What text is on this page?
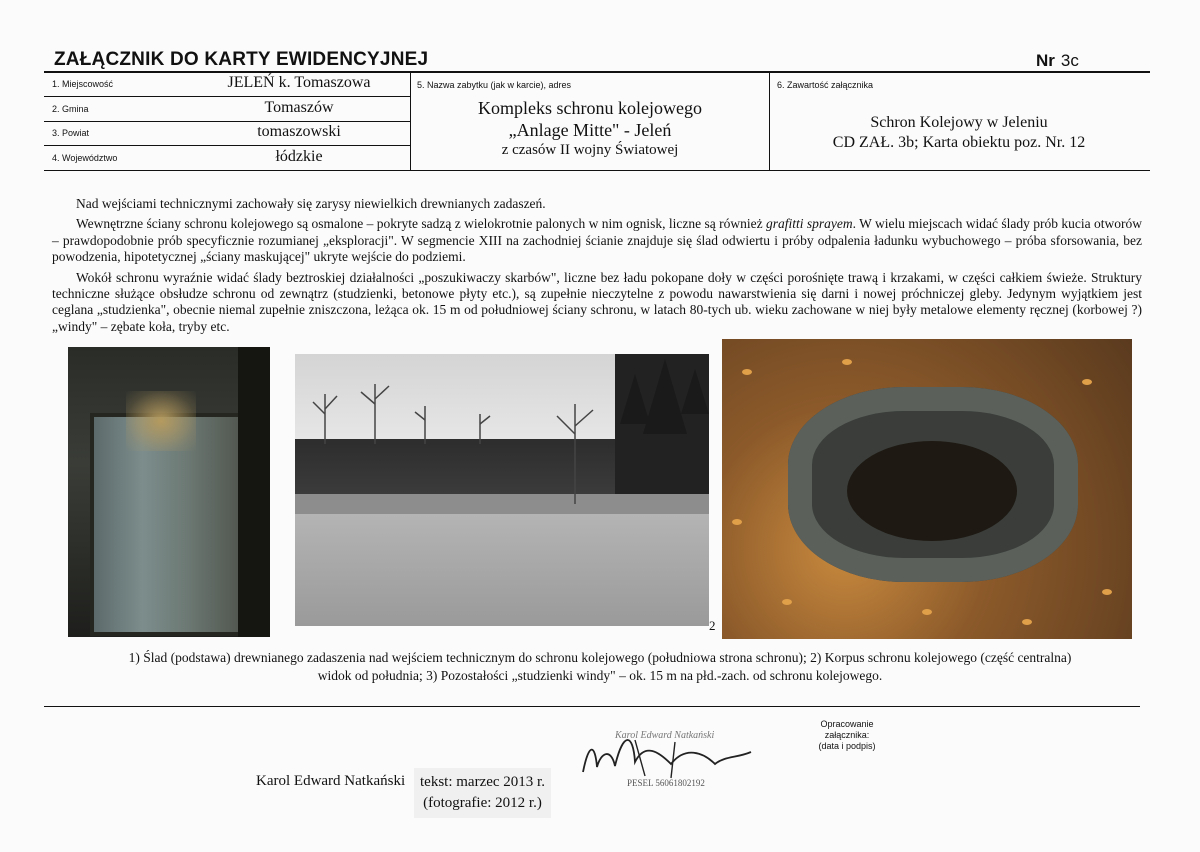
ZAŁĄCZNIK DO KARTY EWIDENCYJNEJ	Nr 3c
1. Miejscowość	JELEŃ k. Tomaszowa
2. Gmina	Tomaszów
3. Powiat	tomaszowski
4. Województwo	łódzkie
5. Nazwa zabytku (jak w karcie), adres
Kompleks schronu kolejowego
„Anlage Mitte" - Jeleń
z czasów II wojny Światowej
6. Zawartość załącznika
Schron Kolejowy w Jeleniu
CD ZAŁ. 3b; Karta obiektu poz. Nr. 12

Nad wejściami technicznymi zachowały się zarysy niewielkich drewnianych zadaszeń.

Wewnętrzne ściany schronu kolejowego są osmalone – pokryte sadzą z wielokrotnie palonych w nim ognisk, liczne są również grafitti sprayem. W wielu miejscach widać ślady prób kucia otworów – prawdopodobnie prób specyficznie rozumianej „eksploracji". W segmencie XIII na zachodniej ścianie znajduje się ślad odwiertu i próby odpalenia ładunku wybuchowego – próba sforsowania, bez powodzenia, hipotetycznej „ściany maskującej" ukryte wejście do podziemi.

Wokół schronu wyraźnie widać ślady beztroskiej działalności „poszukiwaczy skarbów", liczne bez ładu pokopane doły w części porośnięte trawą i krzakami, w części całkiem świeże. Struktury techniczne służące obsłudze schronu od zewnątrz (studzienki, betonowe płyty etc.), są zupełnie nieczytelne z powodu nawarstwienia się darni i nowej próchniczej gleby. Jedynym wyjątkiem jest ceglana „studzienka", obecnie niemal zupełnie zniszczona, leżąca ok. 15 m od południowej ściany schronu, w latach 80-tych ub. wieku zachowane w niej były metalowe elementy ręcznej (korbowej ?) „windy" – zębate koła, tryby etc.

2
1) Ślad (podstawa) drewnianego zadaszenia nad wejściem technicznym do schronu kolejowego (południowa strona schronu); 2) Korpus schronu kolejowego (część centralna)
widok od południa; 3) Pozostałości „studzienki windy" – ok. 15 m na płd.-zach. od schronu kolejowego.
Opracowanie
załącznika:
(data i podpis)
Karol Edward Natkański
PESEL 56061802192
Karol Edward Natkański tekst: marzec 2013 r.
(fotografie: 2012 r.)
